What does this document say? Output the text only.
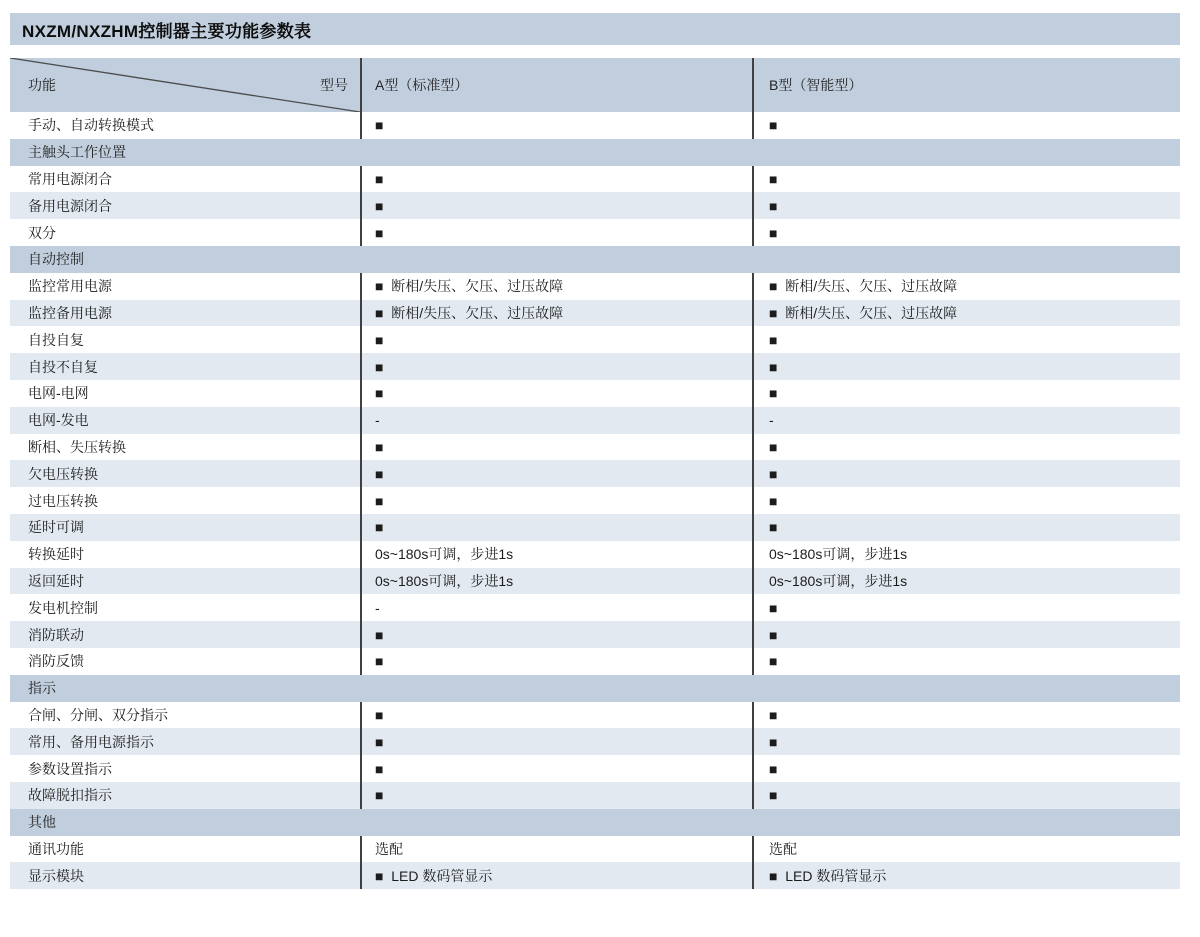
NXZM/NXZHM控制器主要功能参数表
功能	型号	A型（标准型）	B型（智能型）
手动、自动转换模式	■	■
主触头工作位置
常用电源闭合	■	■
备用电源闭合	■	■
双分	■	■
自动控制
监控常用电源	■  断相/失压、欠压、过压故障	■  断相/失压、欠压、过压故障
监控备用电源	■  断相/失压、欠压、过压故障	■  断相/失压、欠压、过压故障
自投自复	■	■
自投不自复	■	■
电网-电网	■	■
电网-发电	-	-
断相、失压转换	■	■
欠电压转换	■	■
过电压转换	■	■
延时可调	■	■
转换延时	0s~180s可调，步进1s	0s~180s可调，步进1s
返回延时	0s~180s可调，步进1s	0s~180s可调，步进1s
发电机控制	-	■
消防联动	■	■
消防反馈	■	■
指示
合闸、分闸、双分指示	■	■
常用、备用电源指示	■	■
参数设置指示	■	■
故障脱扣指示	■	■
其他
通讯功能	选配	选配
显示模块	■  LED 数码管显示	■  LED 数码管显示
